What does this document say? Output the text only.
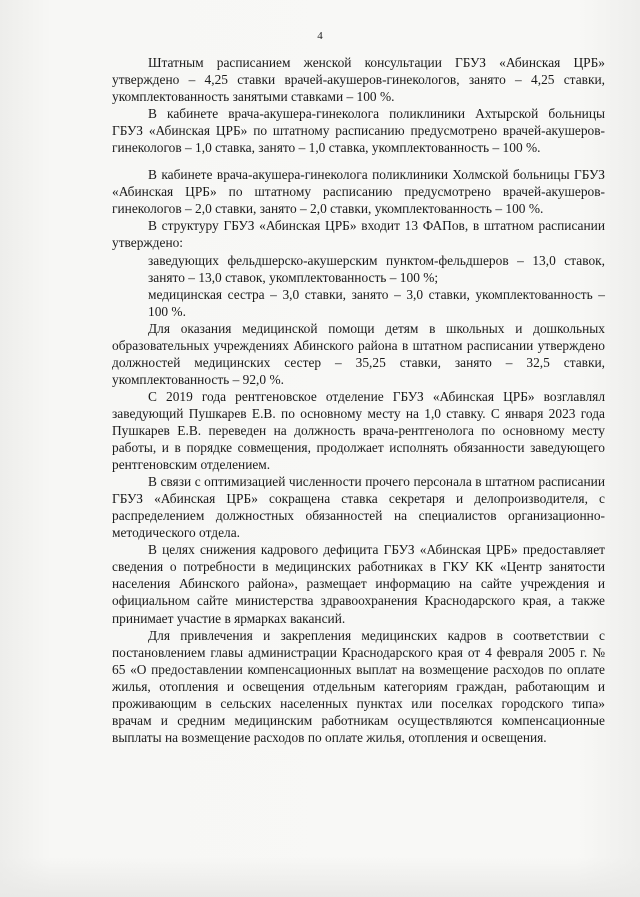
4

Штатным расписанием женской консультации ГБУЗ «Абинская ЦРБ» утверждено – 4,25 ставки врачей-акушеров-гинекологов, занято – 4,25 ставки, укомплектованность занятыми ставками – 100 %.

В кабинете врача-акушера-гинеколога поликлиники Ахтырской больницы ГБУЗ «Абинская ЦРБ» по штатному расписанию предусмотрено врачей-акушеров-гинекологов – 1,0 ставка, занято – 1,0 ставка, укомплектованность – 100 %.

В кабинете врача-акушера-гинеколога поликлиники Холмской больницы ГБУЗ «Абинская ЦРБ» по штатному расписанию предусмотрено врачей-акушеров-гинекологов – 2,0 ставки, занято – 2,0 ставки, укомплектованность – 100 %.

В структуру ГБУЗ «Абинская ЦРБ» входит 13 ФАПов, в штатном расписании утверждено:

заведующих фельдшерско-акушерским пунктом-фельдшеров – 13,0 ставок, занято – 13,0 ставок, укомплектованность – 100 %;

медицинская сестра – 3,0 ставки, занято – 3,0 ставки, укомплектованность – 100 %.

Для оказания медицинской помощи детям в школьных и дошкольных образовательных учреждениях Абинского района в штатном расписании утверждено должностей медицинских сестер – 35,25 ставки, занято – 32,5 ставки, укомплектованность – 92,0 %.

С 2019 года рентгеновское отделение ГБУЗ «Абинская ЦРБ» возглавлял заведующий Пушкарев Е.В. по основному месту на 1,0 ставку. С января 2023 года Пушкарев Е.В. переведен на должность врача-рентгенолога по основному месту работы, и в порядке совмещения, продолжает исполнять обязанности заведующего рентгеновским отделением.

В связи с оптимизацией численности прочего персонала в штатном расписании ГБУЗ «Абинская ЦРБ» сокращена ставка секретаря и делопроизводителя, с распределением должностных обязанностей на специалистов организационно-методического отдела.

В целях снижения кадрового дефицита ГБУЗ «Абинская ЦРБ» предоставляет сведения о потребности в медицинских работниках в ГКУ КК «Центр занятости населения Абинского района», размещает информацию на сайте учреждения и официальном сайте министерства здравоохранения Краснодарского края, а также принимает участие в ярмарках вакансий.

Для привлечения и закрепления медицинских кадров в соответствии с постановлением главы администрации Краснодарского края от 4 февраля 2005 г. № 65 «О предоставлении компенсационных выплат на возмещение расходов по оплате жилья, отопления и освещения отдельным категориям граждан, работающим и проживающим в сельских населенных пунктах или поселках городского типа» врачам и средним медицинским работникам осуществляются компенсационные выплаты на возмещение расходов по оплате жилья, отопления и освещения.
